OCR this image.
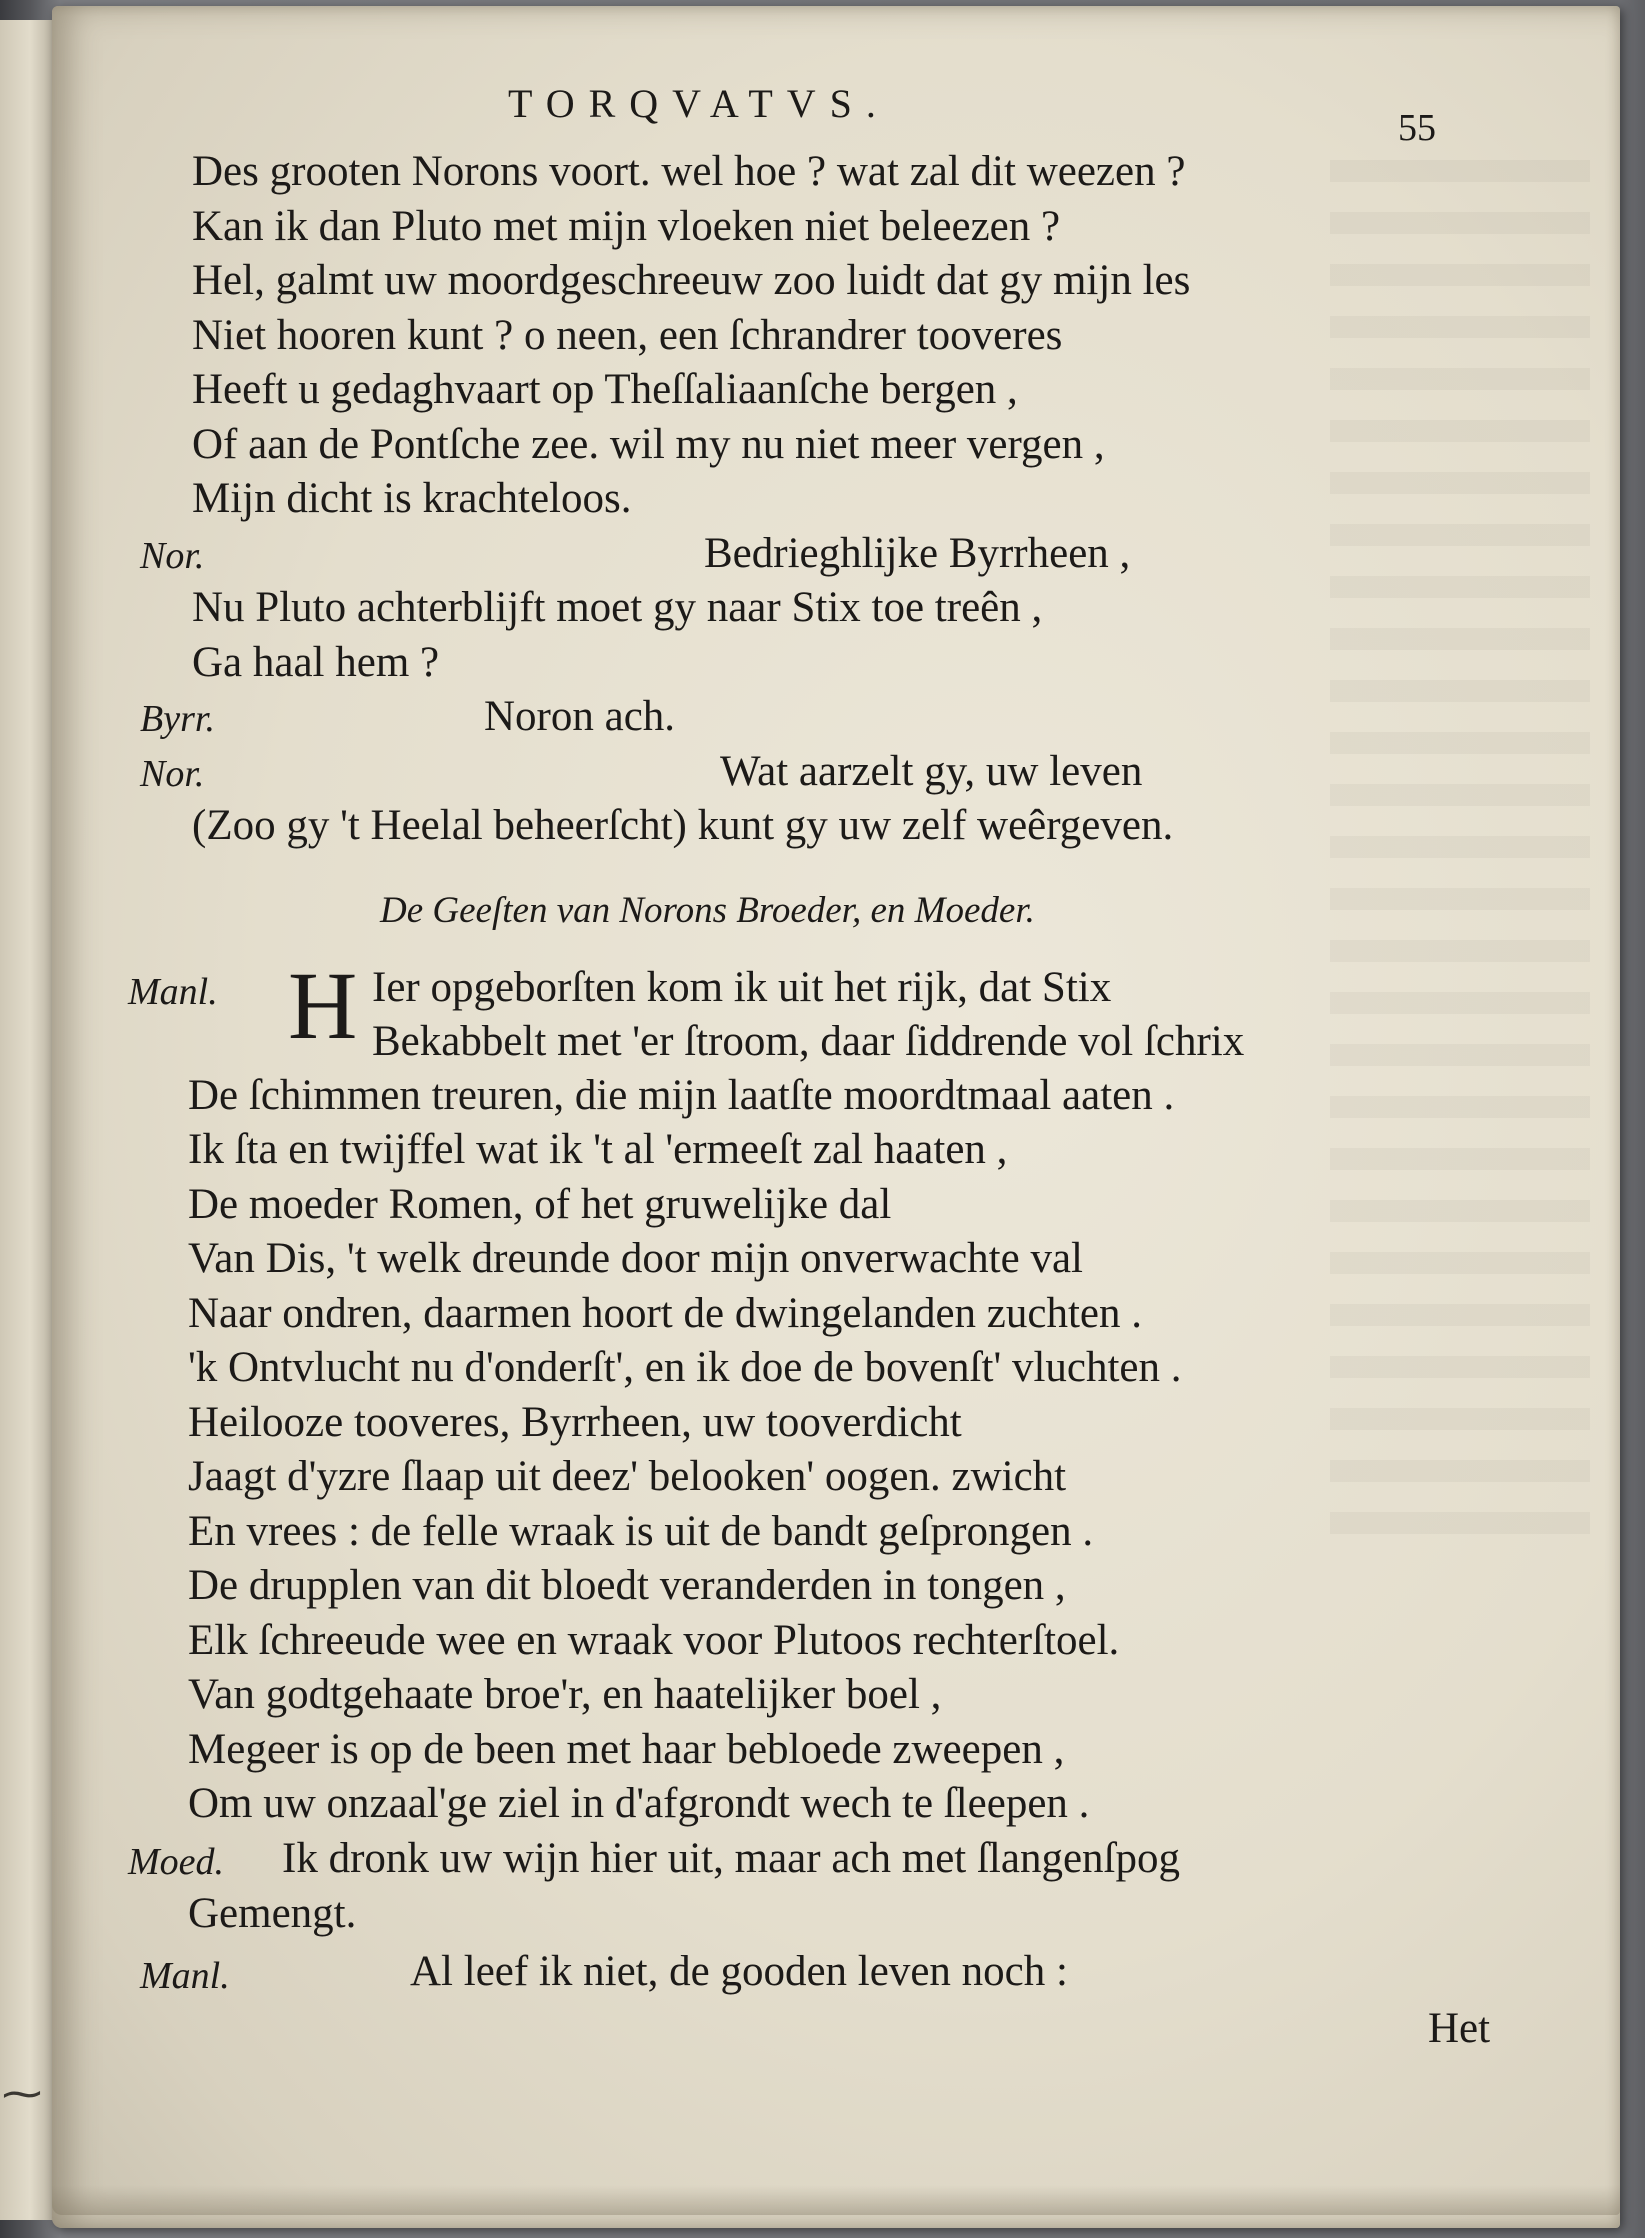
⁓
TORQVATVS.
55
Des grooten Norons voort. wel hoe ? wat zal dit weezen ?
Kan ik dan Pluto met mijn vloeken niet beleezen ?
Hel, galmt uw moordgeschreeuw zoo luidt dat gy mijn les
Niet hooren kunt ? o neen, een ſchrandrer tooveres
Heeft u gedaghvaart op Theſſaliaanſche bergen ,
Of aan de Pontſche zee. wil my nu niet meer vergen ,
Mijn dicht is krachteloos.
Nor.	Bedrieghlijke Byrrheen ,
Nu Pluto achterblijft moet gy naar Stix toe treên ,
Ga haal hem ?
Byrr.	Noron ach.
Nor.	Wat aarzelt gy, uw leven
(Zoo gy 't Heelal beheerſcht) kunt gy uw zelf weêrgeven.
De Geeſten van Norons Broeder, en Moeder.
Manl. H Ier opgeborſten kom ik uit het rijk, dat Stix
Bekabbelt met 'er ſtroom, daar ſiddrende vol ſchrix
De ſchimmen treuren, die mijn laatſte moordtmaal aaten .
Ik ſta en twijffel wat ik 't al 'ermeeſt zal haaten ,
De moeder Romen, of het gruwelijke dal
Van Dis, 't welk dreunde door mijn onverwachte val
Naar ondren, daarmen hoort de dwingelanden zuchten .
'k Ontvlucht nu d'onderſt', en ik doe de bovenſt' vluchten .
Heilooze tooveres, Byrrheen, uw tooverdicht
Jaagt d'yzre ſlaap uit deez' belooken' oogen. zwicht
En vrees : de felle wraak is uit de bandt geſprongen .
De drupplen van dit bloedt veranderden in tongen ,
Elk ſchreeude wee en wraak voor Plutoos rechterſtoel.
Van godtgehaate broe'r, en haatelijker boel ,
Megeer is op de been met haar bebloede zweepen ,
Om uw onzaal'ge ziel in d'afgrondt wech te ſleepen .
Moed. Ik dronk uw wijn hier uit, maar ach met ſlangenſpog
Gemengt.
Manl.	Al leef ik niet, de gooden leven noch :
Het
